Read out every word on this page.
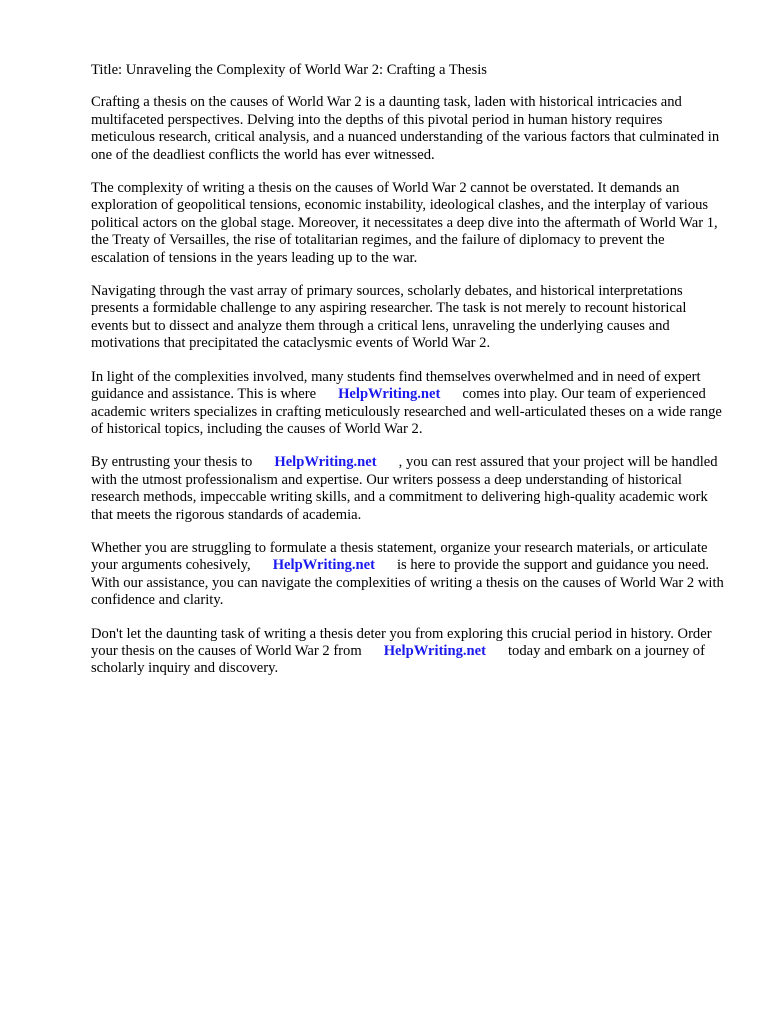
Title: Unraveling the Complexity of World War 2: Crafting a Thesis

Crafting a thesis on the causes of World War 2 is a daunting task, laden with historical intricacies and multifaceted perspectives. Delving into the depths of this pivotal period in human history requires meticulous research, critical analysis, and a nuanced understanding of the various factors that culminated in one of the deadliest conflicts the world has ever witnessed.

The complexity of writing a thesis on the causes of World War 2 cannot be overstated. It demands an exploration of geopolitical tensions, economic instability, ideological clashes, and the interplay of various political actors on the global stage. Moreover, it necessitates a deep dive into the aftermath of World War 1, the Treaty of Versailles, the rise of totalitarian regimes, and the failure of diplomacy to prevent the escalation of tensions in the years leading up to the war.

Navigating through the vast array of primary sources, scholarly debates, and historical interpretations presents a formidable challenge to any aspiring researcher. The task is not merely to recount historical events but to dissect and analyze them through a critical lens, unraveling the underlying causes and motivations that precipitated the cataclysmic events of World War 2.

In light of the complexities involved, many students find themselves overwhelmed and in need of expert guidance and assistance. This is where HelpWriting.net comes into play. Our team of experienced academic writers specializes in crafting meticulously researched and well-articulated theses on a wide range of historical topics, including the causes of World War 2.

By entrusting your thesis to HelpWriting.net , you can rest assured that your project will be handled with the utmost professionalism and expertise. Our writers possess a deep understanding of historical research methods, impeccable writing skills, and a commitment to delivering high-quality academic work that meets the rigorous standards of academia.

Whether you are struggling to formulate a thesis statement, organize your research materials, or articulate your arguments cohesively, HelpWriting.net is here to provide the support and guidance you need. With our assistance, you can navigate the complexities of writing a thesis on the causes of World War 2 with confidence and clarity.

Don't let the daunting task of writing a thesis deter you from exploring this crucial period in history. Order your thesis on the causes of World War 2 from HelpWriting.net today and embark on a journey of scholarly inquiry and discovery.
